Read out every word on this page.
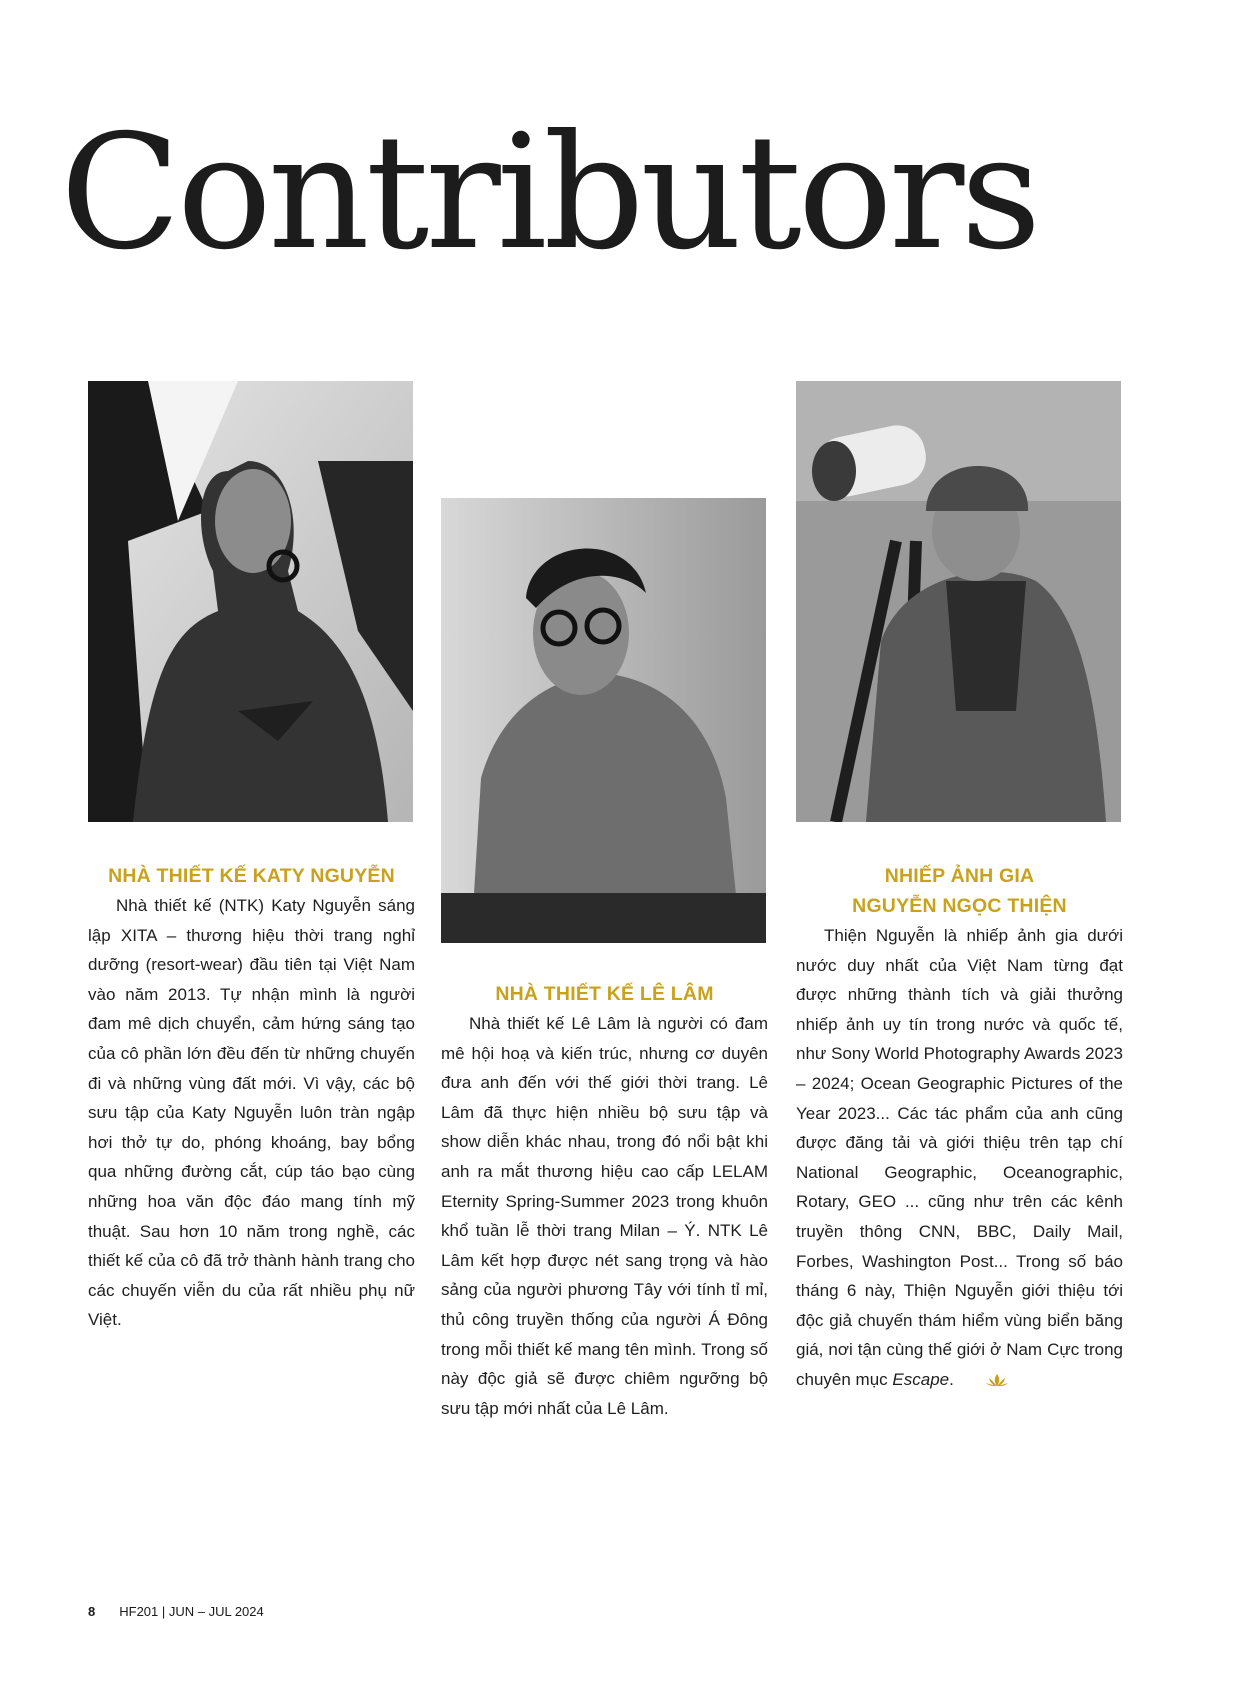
Contributors
NHÀ THIẾT KẾ KATY NGUYỄN

Nhà thiết kế (NTK) Katy Nguyễn sáng lập XITA – thương hiệu thời trang nghỉ dưỡng (resort-wear) đầu tiên tại Việt Nam vào năm 2013. Tự nhận mình là người đam mê dịch chuyển, cảm hứng sáng tạo của cô phần lớn đều đến từ những chuyến đi và những vùng đất mới. Vì vậy, các bộ sưu tập của Katy Nguyễn luôn tràn ngập hơi thở tự do, phóng khoáng, bay bổng qua những đường cắt, cúp táo bạo cùng những hoa văn độc đáo mang tính mỹ thuật. Sau hơn 10 năm trong nghề, các thiết kế của cô đã trở thành hành trang cho các chuyến viễn du của rất nhiều phụ nữ Việt.

NHÀ THIẾT KẾ LÊ LÂM

Nhà thiết kế Lê Lâm là người có đam mê hội hoạ và kiến trúc, nhưng cơ duyên đưa anh đến với thế giới thời trang. Lê Lâm đã thực hiện nhiều bộ sưu tập và show diễn khác nhau, trong đó nổi bật khi anh ra mắt thương hiệu cao cấp LELAM Eternity Spring-Summer 2023 trong khuôn khổ tuần lễ thời trang Milan – Ý. NTK Lê Lâm kết hợp được nét sang trọng và hào sảng của người phương Tây với tính tỉ mỉ, thủ công truyền thống của người Á Đông trong mỗi thiết kế mang tên mình. Trong số này độc giả sẽ được chiêm ngưỡng bộ sưu tập mới nhất của Lê Lâm.

NHIẾP ẢNH GIA
NGUYỄN NGỌC THIỆN

Thiện Nguyễn là nhiếp ảnh gia dưới nước duy nhất của Việt Nam từng đạt được những thành tích và giải thưởng nhiếp ảnh uy tín trong nước và quốc tế, như Sony World Photography Awards 2023 – 2024; Ocean Geographic Pictures of the Year 2023... Các tác phẩm của anh cũng được đăng tải và giới thiệu trên tạp chí National Geographic, Oceanographic, Rotary, GEO ... cũng như trên các kênh truyền thông CNN, BBC, Daily Mail, Forbes, Washington Post... Trong số báo tháng 6 này, Thiện Nguyễn giới thiệu tới độc giả chuyến thám hiểm vùng biển băng giá, nơi tận cùng thế giới ở Nam Cực trong chuyên mục Escape.

8 HF201 | JUN – JUL 2024
